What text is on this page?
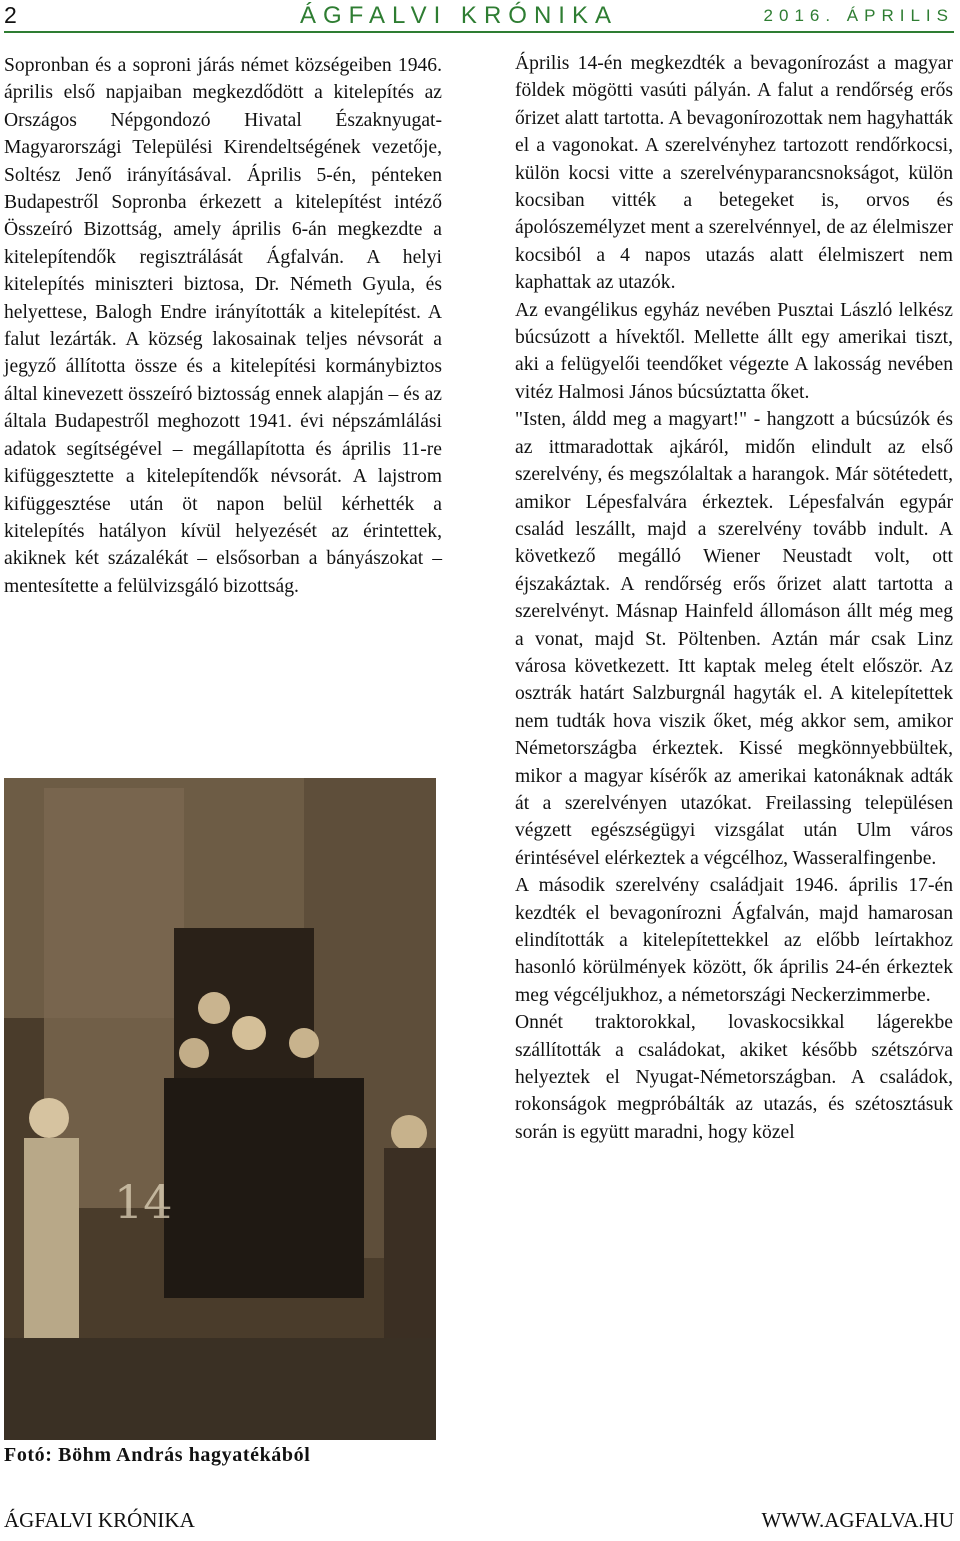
2	ÁGFALVI KRÓNIKA	2016. ÁPRILIS

Sopronban és a soproni járás német községeiben 1946. április első napjaiban megkezdődött a kitelepítés az Országos Népgondozó Hivatal Északnyugat-Magyarországi Települési Kirendeltségének vezetője, Soltész Jenő irányításával. Április 5-én, pénteken Budapestről Sopronba érkezett a kitelepítést intéző Összeíró Bizottság, amely április 6-án megkezdte a kitelepítendők regisztrálását Ágfalván. A helyi kitelepítés miniszteri biztosa, Dr. Németh Gyula, és helyettese, Balogh Endre irányították a kitelepítést. A falut lezárták. A község lakosainak teljes névsorát a jegyző állította össze és a kitelepítési kormánybiztos által kinevezett összeíró biztosság ennek alapján – és az általa Budapestről meghozott 1941. évi népszámlálási adatok segítségével – megállapította és április 11-re kifüggesztette a kitelepítendők névsorát. A lajstrom kifüggesztése után öt napon belül kérhették a kitelepítés hatályon kívül helyezését az érintettek, akiknek két százalékát – elsősorban a bányászokat – mentesítette a felülvizsgáló bizottság.

14
Fotó: Böhm András hagyatékából

Április 14-én megkezdték a bevagonírozást a magyar földek mögötti vasúti pályán. A falut a rendőrség erős őrizet alatt tartotta. A bevagonírozottak nem hagyhatták el a vagonokat. A szerelvényhez tartozott rendőrkocsi, külön kocsi vitte a szerelvényparancsnokságot, külön kocsiban vitték a betegeket is, orvos és ápolószemélyzet ment a szerelvénnyel, de az élelmiszer kocsiból a 4 napos utazás alatt élelmiszert nem kaphattak az utazók.

Az evangélikus egyház nevében Pusztai László lelkész búcsúzott a hívektől. Mellette állt egy amerikai tiszt, aki a felügyelői teendőket végezte A lakosság nevében vitéz Halmosi János búcsúztatta őket.

"Isten, áldd meg a magyart!" - hangzott a búcsúzók és az ittmaradottak ajkáról, midőn elindult az első szerelvény, és megszólaltak a harangok. Már sötétedett, amikor Lépesfalvára érkeztek. Lépesfalván egypár család leszállt, majd a szerelvény tovább indult. A következő megálló Wiener Neustadt volt, ott éjszakáztak. A rendőrség erős őrizet alatt tartotta a szerelvényt. Másnap Hainfeld állomáson állt még meg a vonat, majd St. Pöltenben. Aztán már csak Linz városa következett. Itt kaptak meleg ételt először. Az osztrák határt Salzburgnál hagyták el. A kitelepítettek nem tudták hova viszik őket, még akkor sem, amikor Németországba érkeztek. Kissé megkönnyebbültek, mikor a magyar kísérők az amerikai katonáknak adták át a szerelvényen utazókat. Freilassing településen végzett egészségügyi vizsgálat után Ulm város érintésével elérkeztek a végcélhoz, Wasseralfingenbe.

A második szerelvény családjait 1946. április 17-én kezdték el bevagonírozni Ágfalván, majd hamarosan elindították a kitelepítettekkel az előbb leírtakhoz hasonló körülmények között, ők április 24-én érkeztek meg végcéljukhoz, a németországi Neckerzimmerbe.

Onnét traktorokkal, lovaskocsikkal lágerekbe szállították a családokat, akiket később szétszórva helyeztek el Nyugat-Németországban. A családok, rokonságok megpróbálták az utazás, és szétosztásuk során is együtt maradni, hogy közel

ÁGFALVI KRÓNIKA	WWW.AGFALVA.HU
